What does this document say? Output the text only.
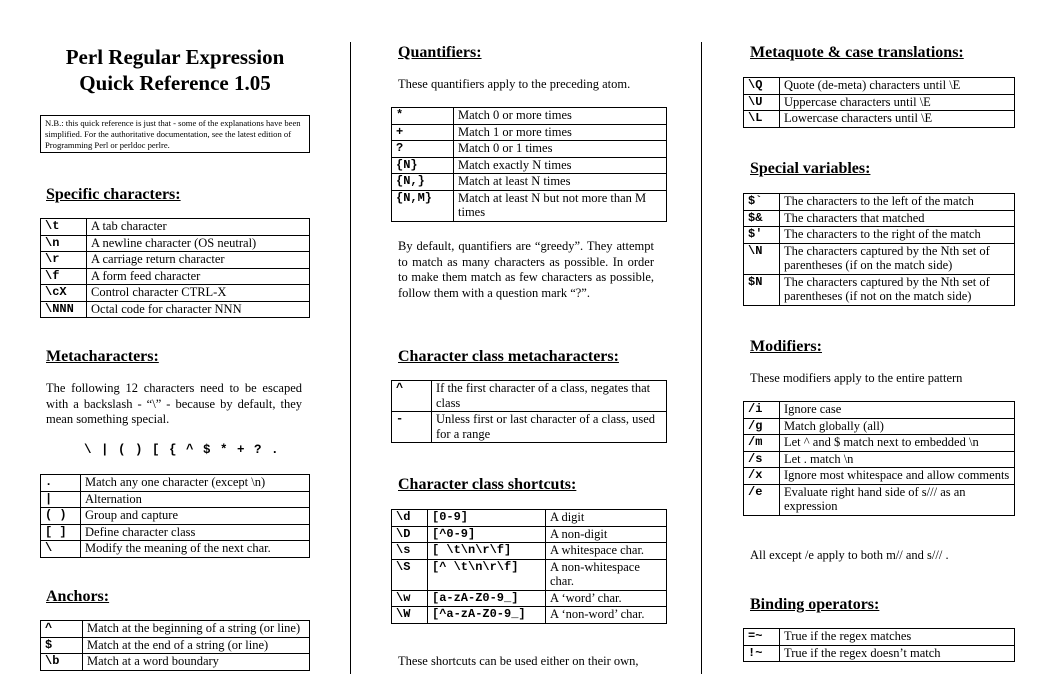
Perl Regular Expression
Quick Reference 1.05
N.B.: this quick reference is just that - some of the explanations have been simplified. For the authoritative documentation, see the latest edition of Programming Perl or perldoc perlre.
Specific characters:
\t	A tab character
\n	A newline character (OS neutral)
\r	A carriage return character
\f	A form feed character
\cX	Control character CTRL-X
\NNN	Octal code for character NNN
Metacharacters:

The following 12 characters need to be escaped with a backslash - “\” - because by default, they mean something special.

\ | ( ) [ { ^ $ * + ? .
.	Match any one character (except \n)
|	Alternation
( )	Group and capture
[ ]	Define character class
\	Modify the meaning of the next char.
Anchors:
^	Match at the beginning of a string (or line)
$	Match at the end of a string (or line)
\b	Match at a word boundary
Quantifiers:

These quantifiers apply to the preceding atom.

*	Match 0 or more times
+	Match 1 or more times
?	Match 0 or 1 times
{N}	Match exactly N times
{N,}	Match at least N times
{N,M}	Match at least N but not more than M times

By default, quantifiers are “greedy”. They attempt to match as many characters as possible. In order to make them match as few characters as possible, follow them with a question mark “?”.

Character class metacharacters:
^	If the first character of a class, negates that class
-	Unless first or last character of a class, used for a range
Character class shortcuts:
\d	[0-9]	A digit
\D	[^0-9]	A non-digit
\s	[ \t\n\r\f]	A whitespace char.
\S	[^ \t\n\r\f]	A non-whitespace char.
\w	[a-zA-Z0-9_]	A ‘word’ char.
\W	[^a-zA-Z0-9_]	A ‘non-word’ char.

These shortcuts can be used either on their own,

Metaquote & case translations:
\Q	Quote (de-meta) characters until \E
\U	Uppercase characters until \E
\L	Lowercase characters until \E
Special variables:
$`	The characters to the left of the match
$&	The characters that matched
$'	The characters to the right of the match
\N	The characters captured by the Nth set of parentheses (if on the match side)
$N	The characters captured by the Nth set of parentheses (if not on the match side)
Modifiers:

These modifiers apply to the entire pattern

/i	Ignore case
/g	Match globally (all)
/m	Let ^ and $ match next to embedded \n
/s	Let . match \n
/x	Ignore most whitespace and allow comments
/e	Evaluate right hand side of s/// as an expression

All except /e apply to both m// and s/// .

Binding operators:
=~	True if the regex matches
!~	True if the regex doesn’t match
